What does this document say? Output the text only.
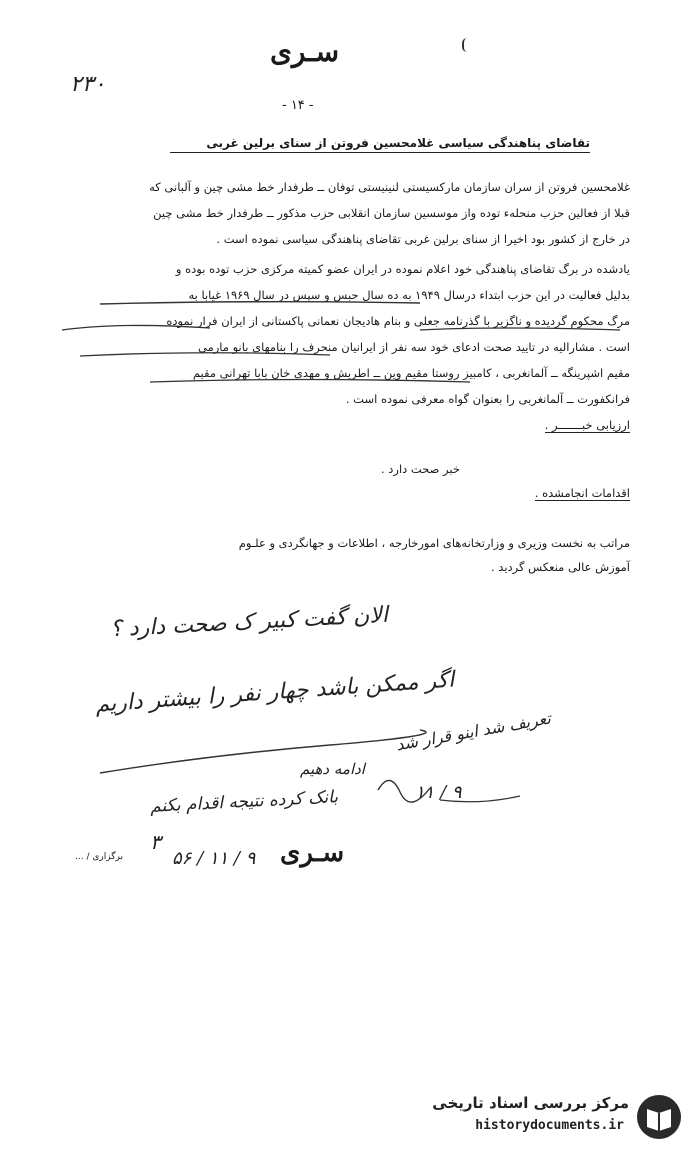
سـری
۲۳۰
- ۱۴ -
تقاضای پناهندگی سیاسی غلامحسین فروتن از سنای برلین غربی
غلامحسین فروتن از سران سازمان مارکسیستی لنینیستی توفان ــ طرفدار خط مشی چین و آلبانی که
قبلا از فعالین حزب منحله‌ء توده واز موسسین سازمان انقلابی حزب مذکور ــ طرفدار خط مشی چین
در خارج از کشور بود اخیرا از سنای برلین غربی تقاضای پناهندگی سیاسی نموده است .
یادشده در برگ تقاضای پناهندگی خود اعلام نموده در ایران عضو کمیته مرکزی حزب توده بوده و
بدلیل فعالیت در این حزب ابتداء درسال ۱۹۴۹ به ده سال حبس و سپس در سال ۱۹۶۹ غیابا به
مرگ محکوم گردیده و ناگزیر با گذرنامه جعلی و بنام هادیجان نعمانی پاکستانی از ایران فرار نموده
است . مشارالیه در تایید صحت ادعای خود سه نفر از ایرانیان منحرف را بنامهای بانو مارمی
مقیم اشپرینگه ــ آلمانغربی ، کامبیز روستا مقیم وین ــ اطریش و مهدی خان بابا تهرانی مقیم
فرانکفورت ــ آلمانغربی را بعنوان گواه معرفی نموده است .
ارزیابی خبـــــــر .
خبر صحت دارد .
اقدامات انجامشده .
مراتب به نخست وزیری و وزارتخانه‌های امورخارجه ، اطلاعات و جهانگردی و علـوم
آموزش عالی منعکس گردید .
الان گفت کبیر ک صحت دارد ؟
اگر ممکن باشد چهار نفر را بیشتر داریم
تعریف شد اینو قرار شد
۹ / ۱۱
ادامه دهیم
بانک کرده نتیجه اقدام بکنم
سـری
۹ / ۱۱ / ۵۶
۳
برگزاری / ...
مرکز بررسی اسناد تاریخی
historydocuments.ir
